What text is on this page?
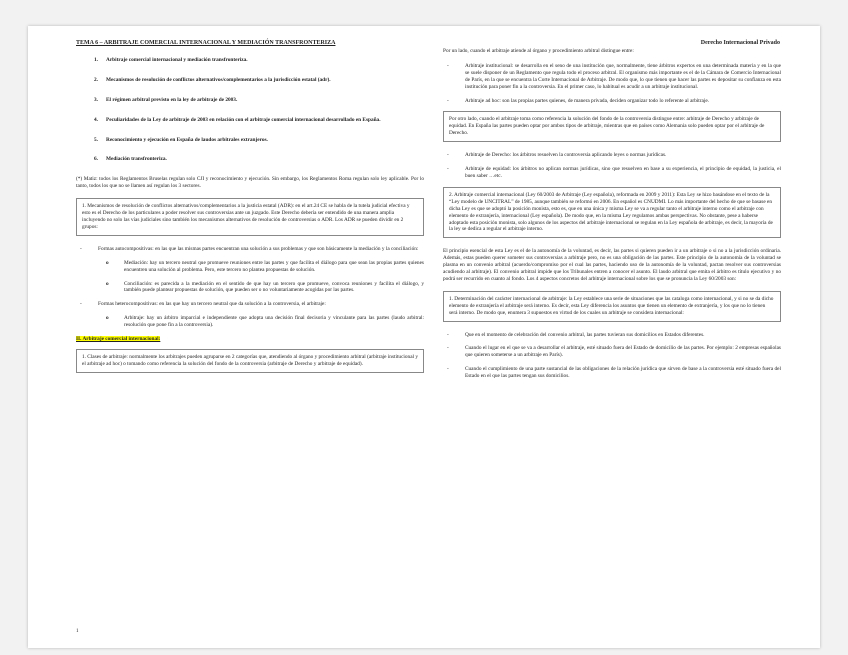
Derecho Internacional Privado
TEMA 6 – ARBITRAJE COMERCIAL INTERNACIONAL Y MEDIACIÓN TRANSFRONTERIZA
1.	Arbitraje comercial internacional y mediación transfronteriza.
2.	Mecanismos de resolución de conflictos alternativos/complementarios a la jurisdicción estatal (adr).
3.	El régimen arbitral previsto en la ley de arbitraje de 2003.
4.	Peculiaridades de la Ley de arbitraje de 2003 en relación con el arbitraje comercial internacional desarrollado en España.
5.	Reconocimiento y ejecución en España de laudos arbitrales extranjeros.
6.	Mediación transfronteriza.

(*) Matiz: todos los Reglamentos Bruselas regulan solo CJI y reconocimiento y ejecución. Sin embargo, los Reglamentos Roma regulan solo ley aplicable. Por lo tanto, todos los que no se llamen así regulan los 3 sectores.

1. Mecanismos de resolución de conflictos alternativos/complementarios a la justicia estatal (ADR): en el art.24 CE se habla de la tutela judicial efectiva y esto es el Derecho de los particulares a poder resolver sus controversias ante un juzgado. Este Derecho debería ser entendido de una manera amplia incluyendo no solo las vías judiciales sino también los mecanismos alternativos de resolución de controversias o ADR. Los ADR se pueden dividir en 2 grupos:
-	Formas autocompositivas: en las que las mismas partes encuentran una solución a sus problemas y que son básicamente la mediación y la conciliación:
o	Mediación: hay un tercero neutral que promueve reuniones entre las partes y que facilita el diálogo para que sean las propias partes quienes encuentren una solución al problema. Pero, este tercero no plantea propuestas de solución.
o	Conciliación: es parecida a la mediación en el sentido de que hay un tercero que promueve, convoca reuniones y facilita el diálogo, y también puede plantear propuestas de solución, que pueden ser o no voluntariamente acogidas por las partes.
-	Formas heterocompositivas: en las que hay un tercero neutral que da solución a la controversia, el arbitraje:
o	Arbitraje: hay un árbitro imparcial e independiente que adopta una decisión final decisoria y vinculante para las partes (laudo arbitral: resolución que pone fin a la controversia).
II. Arbitraje comercial internacional:
1. Clases de arbitraje: normalmente los arbitrajes pueden agruparse en 2 categorías que, atendiendo al órgano y procedimiento arbitral (arbitraje institucional y el arbitraje ad hoc) o tomando como referencia la solución del fondo de la controversia (arbitraje de Derecho y arbitraje de equidad).
1

Por un lado, cuando el arbitraje atiende al órgano y procedimiento arbitral distingue entre:

-	Arbitraje institucional: se desarrolla en el seno de una institución que, normalmente, tiene árbitros expertos en una determinada materia y en la que se suele disponer de un Reglamento que regula todo el proceso arbitral. El organismo más importante es el de la Cámara de Comercio Internacional de París, en la que se encuentra la Corte Internacional de Arbitraje. De modo que, lo que tienen que hacer las partes es depositar su confianza en esta institución para poner fin a la controversia. En el primer caso, lo habitual es acudir a un arbitraje institucional.
-	Arbitraje ad hoc: son las propias partes quienes, de manera privada, deciden organizar todo lo referente al arbitraje.
Por otro lado, cuando el arbitraje toma como referencia la solución del fondo de la controversia distingue entre: arbitraje de Derecho y arbitraje de equidad. En España las partes pueden optar por ambos tipos de arbitraje, mientras que en países como Alemania solo pueden optar por el arbitraje de Derecho.
-	Arbitraje de Derecho: los árbitros resuelven la controversia aplicando leyes o normas jurídicas.
-	Arbitraje de equidad: los árbitros no aplican normas jurídicas, sino que resuelven en base a su experiencia, el principio de equidad, la justicia, el buen saber …etc.
2. Arbitraje comercial internacional (Ley 60/2003 de Arbitraje (Ley española), reformada en 2009 y 2011): Esta Ley se hizo basándose en el texto de la “Ley modelo de UNCITRAL” de 1985, aunque también se reformó en 2006. En español es CNUDMI. Lo más importante del hecho de que se basase en dicha Ley es que se adoptó la posición monista, esto es, que en una única y misma Ley se va a regular tanto el arbitraje interno como el arbitraje con elemento de extranjería, internacional (Ley española). De modo que, en la misma Ley regulamos ambas perspectivas. No obstante, pese a haberse adoptado esta posición monista, solo algunos de los aspectos del arbitraje internacional se regulan en la Ley española de arbitraje, es decir, la mayoría de la ley se dedica a regular el arbitraje interno.

El principio esencial de esta Ley es el de la autonomía de la voluntad, es decir, las partes si quieren pueden ir a un arbitraje o si no a la jurisdicción ordinaria. Además, estas pueden querer someter sus controversias a arbitraje pero, no es una obligación de las partes. Este principio de la autonomía de la voluntad se plasma en un convenio arbitral (acuerdo/compromiso por el cual las partes, haciendo uso de la autonomía de la voluntad, pactan resolver sus controversias acudiendo al arbitraje). El convenio arbitral impide que los Tribunales entren a conocer el asunto. El laudo arbitral que emita el árbitro es título ejecutivo y no podrá ser recurrido en cuanto al fondo. Los 4 aspectos concretos del arbitraje internacional sobre los que se pronuncia la Ley 60/2003 son:

1. Determinación del carácter internacional de arbitraje: la Ley establece una serie de situaciones que las cataloga como internacional, y si no se da dicho elemento de extranjería el arbitraje será interno. Es decir, esta Ley diferencia los asuntos que tienen un elemento de extranjería, y los que no lo tienen será interno. De modo que, enumera 3 supuestos en virtud de los cuales un arbitraje se considera internacional:
-	Que en el momento de celebración del convenio arbitral, las partes tuvieran sus domicilios en Estados diferentes.
-	Cuando el lugar en el que se va a desarrollar el arbitraje, esté situado fuera del Estado de domicilio de las partes. Por ejemplo: 2 empresas españolas que quieren someterse a un arbitraje en París).
-	Cuando el cumplimiento de una parte sustancial de las obligaciones de la relación jurídica que sirven de base a la controversia esté situado fuera del Estado en el que las partes tengan sus domicilios.
